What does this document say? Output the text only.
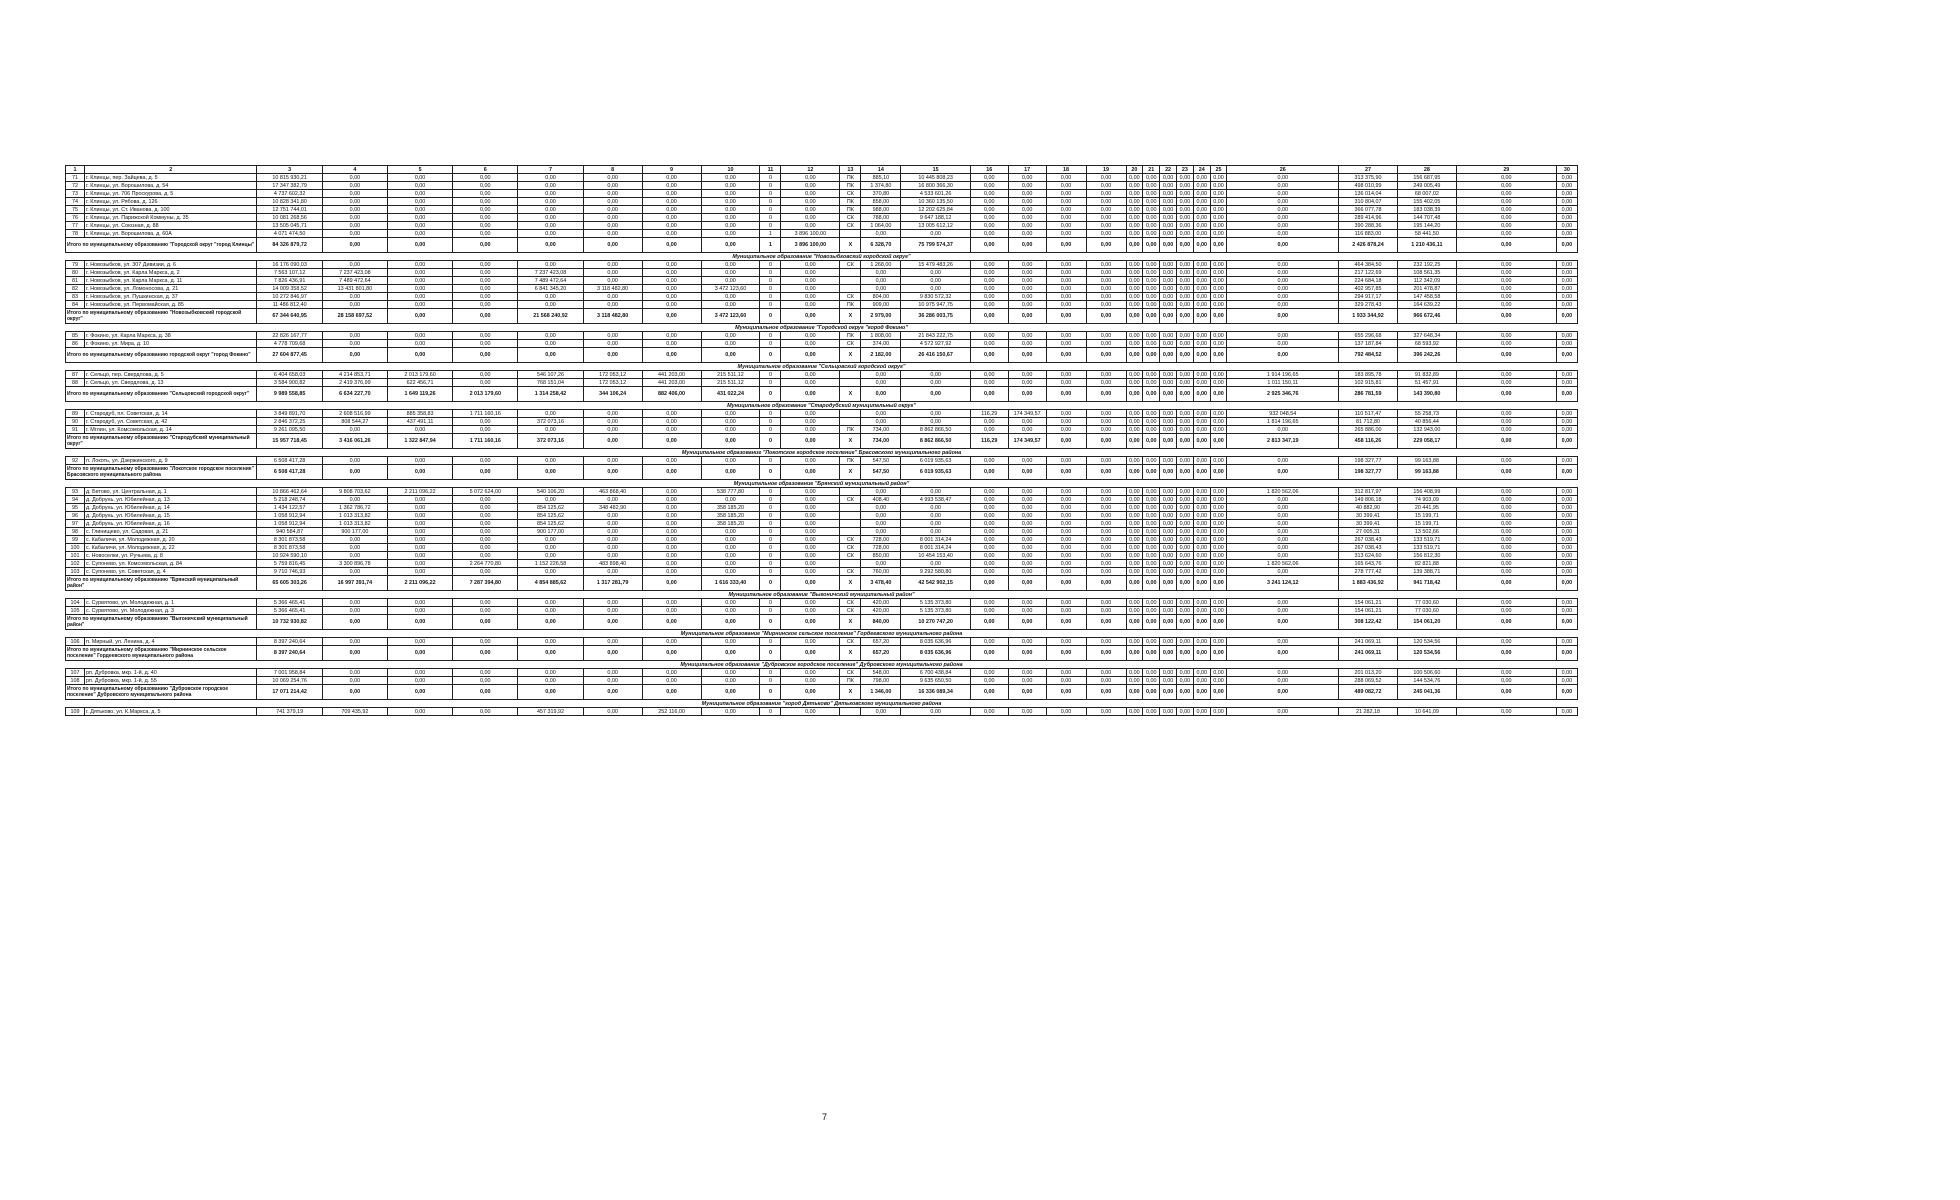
1	2	3	4	5	6	7	8	9	10	11	12	13	14	15	16	17	18	19	20	21	22	23	24	25	26	27	28	29	30
71	г. Клинцы, пер. Зайцева, д. 5	10 815 930,21	0,00	0,00	0,00	0,00	0,00	0,00	0,00	0	0,00	ПК	885,10	10 445 808,23	0,00	0,00	0,00	0,00	0,00	0,00	0,00	0,00	0,00	0,00	0,00	313 375,90	156 687,95	0,00	0,00
72	г. Клинцы, ул. Ворошилова, д. 54	17 347 382,79	0,00	0,00	0,00	0,00	0,00	0,00	0,00	0	0,00	ПК	1 374,80	16 800 366,30	0,00	0,00	0,00	0,00	0,00	0,00	0,00	0,00	0,00	0,00	0,00	498 010,99	249 005,49	0,00	0,00
73	г. Клинцы, ул. 706 Проскурова, д. 5	4 737 602,32	0,00	0,00	0,00	0,00	0,00	0,00	0,00	0	0,00	СК	370,80	4 533 601,26	0,00	0,00	0,00	0,00	0,00	0,00	0,00	0,00	0,00	0,00	0,00	136 014,04	68 007,02	0,00	0,00
74	г. Клинцы, ул. Рябова, д. 126	10 828 341,80	0,00	0,00	0,00	0,00	0,00	0,00	0,00	0	0,00	ПК	858,00	10 360 135,50	0,00	0,00	0,00	0,00	0,00	0,00	0,00	0,00	0,00	0,00	0,00	310 804,07	155 402,05	0,00	0,00
75	г. Клинцы, ул. Ст. Иванова, д. 100	12 751 744,01	0,00	0,00	0,00	0,00	0,00	0,00	0,00	0	0,00	ПК	988,00	12 202 625,84	0,00	0,00	0,00	0,00	0,00	0,00	0,00	0,00	0,00	0,00	0,00	366 077,78	183 038,39	0,00	0,00
76	г. Клинцы, ул. Парижской Коммуны, д. 35	10 081 268,56	0,00	0,00	0,00	0,00	0,00	0,00	0,00	0	0,00	СК	788,00	9 647 188,12	0,00	0,00	0,00	0,00	0,00	0,00	0,00	0,00	0,00	0,00	0,00	289 414,96	144 707,48	0,00	0,00
77	г. Клинцы, ул. Союзная, д. 88	13 505 045,71	0,00	0,00	0,00	0,00	0,00	0,00	0,00	0	0,00	СК	1 064,00	13 005 612,12	0,00	0,00	0,00	0,00	0,00	0,00	0,00	0,00	0,00	0,00	0,00	390 288,36	195 144,20	0,00	0,00
78	г. Клинцы, ул. Ворошилова, д. 60А	4 071 474,50	0,00	0,00	0,00	0,00	0,00	0,00	0,00	1	3 896 100,00		0,00	0,00	0,00	0,00	0,00	0,00	0,00	0,00	0,00	0,00	0,00	0,00	0,00	116 883,00	58 441,50	0,00	0,00
Итого по муниципальному образованию "Городской округ "город Клинцы"		84 326 879,72	0,00	0,00	0,00	0,00	0,00	0,00	0,00	1	3 896 100,00	X	6 328,70	75 799 574,37	0,00	0,00	0,00	0,00	0,00	0,00	0,00	0,00	0,00	0,00	0,00	2 426 878,24	1 210 436,11	0,00	0,00
Муниципальное образование "Новозыбковский городской округ"																													
79	г. Новозыбков, ул. 307 Дивизии, д. 6	16 176 090,03	0,00	0,00	0,00	0,00	0,00	0,00	0,00	0	0,00	СК	1 268,00	15 479 483,26	0,00	0,00	0,00	0,00	0,00	0,00	0,00	0,00	0,00	0,00	0,00	464 384,50	232 192,25	0,00	0,00
80	г. Новозыбков, ул. Карла Маркса, д. 2	7 563 107,12	7 237 423,08	0,00	0,00	7 237 423,08	0,00	0,00	0,00	0	0,00		0,00	0,00	0,00	0,00	0,00	0,00	0,00	0,00	0,00	0,00	0,00	0,00	0,00	217 122,69	108 561,35	0,00	0,00
81	г. Новозыбков, ул. Карла Маркса, д. 11	7 826 436,91	7 489 472,64	0,00	0,00	7 489 472,64	0,00	0,00	0,00	0	0,00		0,00	0,00	0,00	0,00	0,00	0,00	0,00	0,00	0,00	0,00	0,00	0,00	0,00	224 684,18	112 342,09	0,00	0,00
82	г. Новозыбков, ул. Ломоносова, д. 21	14 009 358,52	13 431 801,80	0,00	0,00	6 841 345,20	3 118 482,80	0,00	3 472 123,60	0	0,00		0,00	0,00	0,00	0,00	0,00	0,00	0,00	0,00	0,00	0,00	0,00	0,00	0,00	402 957,85	201 478,87	0,00	0,00
83	г. Новозыбков, ул. Пушкинская, д. 37	10 272 846,97	0,00	0,00	0,00	0,00	0,00	0,00	0,00	0	0,00	СК	804,00	9 830 572,32	0,00	0,00	0,00	0,00	0,00	0,00	0,00	0,00	0,00	0,00	0,00	294 917,17	147 458,58	0,00	0,00
84	г. Новозыбков, ул. Первомайская, д. 85	11 486 812,40	0,00	0,00	0,00	0,00	0,00	0,00	0,00	0	0,00	ПК	909,00	10 975 947,75	0,00	0,00	0,00	0,00	0,00	0,00	0,00	0,00	0,00	0,00	0,00	329 278,43	164 639,22	0,00	0,00
Итого по муниципальному образованию "Новозыбковский городской округ"		67 344 640,95	28 158 697,52	0,00	0,00	21 568 240,92	3 118 482,80	0,00	3 472 123,60	0	0,00	X	2 979,00	36 286 003,75	0,00	0,00	0,00	0,00	0,00	0,00	0,00	0,00	0,00	0,00	0,00	1 933 344,92	966 672,46	0,00	0,00
Муниципальное образование "Городской округ "город Фокино"																													
85	г. Фокино, ул. Карла Маркса, д. 38	22 826 167,77	0,00	0,00	0,00	0,00	0,00	0,00	0,00	0	0,00	ПК	1 808,00	21 843 222,75	0,00	0,00	0,00	0,00	0,00	0,00	0,00	0,00	0,00	0,00	0,00	655 296,68	327 648,34	0,00	0,00
86	г. Фокино, ул. Мира, д. 10	4 778 709,68	0,00	0,00	0,00	0,00	0,00	0,00	0,00	0	0,00	СК	374,00	4 572 927,92	0,00	0,00	0,00	0,00	0,00	0,00	0,00	0,00	0,00	0,00	0,00	137 187,84	68 593,92	0,00	0,00
Итого по муниципальному образованию городской округ "город Фокино"		27 604 877,45	0,00	0,00	0,00	0,00	0,00	0,00	0,00	0	0,00	X	2 182,00	26 416 150,67	0,00	0,00	0,00	0,00	0,00	0,00	0,00	0,00	0,00	0,00	0,00	792 484,52	396 242,26	0,00	0,00
Муниципальное образование "Сельцовский городской округ"																													
87	г. Сельцо, пер. Свердлова, д. 5	6 404 658,03	4 214 853,71	2 013 179,60	0,00	546 107,26	172 053,12	441 203,00	215 511,12	0	0,00		0,00	0,00	0,00	0,00	0,00	0,00	0,00	0,00	0,00	0,00	0,00	0,00	1 914 196,65	183 895,78	91 832,89	0,00	0,00
88	г. Сельцо, ул. Свердлова, д. 13	3 584 900,82	2 419 376,99	622 456,71	0,00	768 151,04	172 053,12	441 203,00	215 511,12	0	0,00		0,00	0,00	0,00	0,00	0,00	0,00	0,00	0,00	0,00	0,00	0,00	0,00	1 011 150,11	102 915,81	51 457,91	0,00	0,00
Итого по муниципальному образованию "Сельцовский городской округ"		9 989 558,85	6 634 227,70	1 649 119,26	2 013 179,60	1 314 258,42	344 106,24	882 406,00	431 022,24	0	0,00	X	0,00	0,00	0,00	0,00	0,00	0,00	0,00	0,00	0,00	0,00	0,00	0,00	2 925 346,76	286 781,59	143 390,80	0,00	0,00
Муниципальное образование "Стародубский муниципальный округ"																													
89	г. Стародуб, пл. Советская, д. 14	3 849 891,70	2 608 516,99	885 358,83	1 711 160,16	0,00	0,00	0,00	0,00	0	0,00		0,00	0,00	116,29	174 349,57	0,00	0,00	0,00	0,00	0,00	0,00	0,00	0,00	932 048,54	110 517,47	55 258,73	0,00	0,00
90	г. Стародуб, ул. Советская, д. 42	2 846 372,25	808 544,27	437 491,11	0,00	372 073,16	0,00	0,00	0,00	0	0,00		0,00	0,00	0,00	0,00	0,00	0,00	0,00	0,00	0,00	0,00	0,00	0,00	1 814 196,65	81 712,80	40 856,44	0,00	0,00
91	г. Мглин, ул. Комсомольская, д. 14	9 261 095,50	0,00	0,00	0,00	0,00	0,00	0,00	0,00	0	0,00	ПК	734,00	8 862 866,50	0,00	0,00	0,00	0,00	0,00	0,00	0,00	0,00	0,00	0,00	0,00	265 886,00	132 943,00	0,00	0,00
Итого по муниципальному образованию "Стародубский муниципальный округ"		15 957 718,45	3 416 061,26	1 322 847,94	1 711 160,16	372 073,16	0,00	0,00	0,00	0	0,00	X	734,00	8 862 866,50	116,29	174 349,57	0,00	0,00	0,00	0,00	0,00	0,00	0,00	0,00	2 813 347,19	458 116,26	229 058,17	0,00	0,00
Муниципальное образование "Локотское городское поселение" Брасовского муниципального района																													
92	п. Локоть, ул. Дзержинского, д. 9	6 508 417,28	0,00	0,00	0,00	0,00	0,00	0,00	0,00	0	0,00	ПК	547,50	6 019 935,63	0,00	0,00	0,00	0,00	0,00	0,00	0,00	0,00	0,00	0,00	0,00	198 327,77	99 163,88	0,00	0,00
Итого по муниципальному образованию "Локотское городское поселение" Брасовского муниципального района		6 508 417,28	0,00	0,00	0,00	0,00	0,00	0,00	0,00	0	0,00	X	547,50	6 019 935,63	0,00	0,00	0,00	0,00	0,00	0,00	0,00	0,00	0,00	0,00	0,00	198 327,77	99 163,88	0,00	0,00
Муниципальное образование "Брянский муниципальный район"																													
93	д. Бетово, ул. Центральная, д. 1	10 866 462,64	9 808 703,62	2 211 096,22	5 072 624,00	540 106,20	463 868,40	0,00	538 777,80	0	0,00		0,00	0,00	0,00	0,00	0,00	0,00	0,00	0,00	0,00	0,00	0,00	0,00	1 820 562,06	312 817,97	156 408,99	0,00	0,00
94	д. Добрунь, ул. Юбилейная, д. 13	5 218 248,74	0,00	0,00	0,00	0,00	0,00	0,00	0,00	0	0,00	СК	408,40	4 993 538,47	0,00	0,00	0,00	0,00	0,00	0,00	0,00	0,00	0,00	0,00	0,00	149 806,18	74 903,09	0,00	0,00
95	д. Добрунь, ул. Юбилейная, д. 14	1 434 122,57	1 362 786,72	0,00	0,00	854 125,62	348 482,90	0,00	358 185,20	0	0,00		0,00	0,00	0,00	0,00	0,00	0,00	0,00	0,00	0,00	0,00	0,00	0,00	0,00	40 882,90	20 441,95	0,00	0,00
96	д. Добрунь, ул. Юбилейная, д. 15	1 058 912,94	1 013 313,82	0,00	0,00	854 125,62	0,00	0,00	358 185,20	0	0,00		0,00	0,00	0,00	0,00	0,00	0,00	0,00	0,00	0,00	0,00	0,00	0,00	0,00	30 399,41	15 199,71	0,00	0,00
97	д. Добрунь, ул. Юбилейная, д. 16	1 058 912,94	1 013 313,82	0,00	0,00	854 125,62	0,00	0,00	358 185,20	0	0,00		0,00	0,00	0,00	0,00	0,00	0,00	0,00	0,00	0,00	0,00	0,00	0,00	0,00	30 399,41	15 199,71	0,00	0,00
98	с. Глинищево, ул. Садовая, д. 21	940 584,87	900 177,00	0,00	0,00	900 177,00	0,00	0,00	0,00	0	0,00		0,00	0,00	0,00	0,00	0,00	0,00	0,00	0,00	0,00	0,00	0,00	0,00	0,00	27 005,31	13 502,66	0,00	0,00
99	с. Кабаличи, ул. Молодежная, д. 20	8 301 873,58	0,00	0,00	0,00	0,00	0,00	0,00	0,00	0	0,00	СК	728,00	8 001 314,24	0,00	0,00	0,00	0,00	0,00	0,00	0,00	0,00	0,00	0,00	0,00	267 038,43	133 519,71	0,00	0,00
100	с. Кабаличи, ул. Молодежная, д. 22	8 301 873,58	0,00	0,00	0,00	0,00	0,00	0,00	0,00	0	0,00	СК	728,00	8 001 314,24	0,00	0,00	0,00	0,00	0,00	0,00	0,00	0,00	0,00	0,00	0,00	267 038,43	133 519,71	0,00	0,00
101	с. Новоселки, ул. Ручьева, д. 8	10 924 590,10	0,00	0,00	0,00	0,00	0,00	0,00	0,00	0	0,00	СК	850,00	10 454 153,40	0,00	0,00	0,00	0,00	0,00	0,00	0,00	0,00	0,00	0,00	0,00	313 624,60	156 812,30	0,00	0,00
102	с. Супонево, ул. Комсомольская, д. 84	5 759 816,45	3 300 896,78	0,00	2 264 770,80	1 152 226,58	483 898,40	0,00	0,00	0	0,00		0,00	0,00	0,00	0,00	0,00	0,00	0,00	0,00	0,00	0,00	0,00	0,00	1 820 562,06	165 643,76	82 821,88	0,00	0,00
103	с. Супонево, ул. Советская, д. 4	9 710 746,93	0,00	0,00	0,00	0,00	0,00	0,00	0,00	0	0,00	СК	760,00	9 292 580,80	0,00	0,00	0,00	0,00	0,00	0,00	0,00	0,00	0,00	0,00	0,00	278 777,42	139 388,71	0,00	0,00
Итого по муниципальному образованию "Брянский муниципальный район"		65 605 303,26	16 997 391,74	2 211 096,22	7 287 394,80	4 854 885,62	1 317 281,79	0,00	1 616 333,40	0	0,00	X	3 478,40	42 542 902,15	0,00	0,00	0,00	0,00	0,00	0,00	0,00	0,00	0,00	0,00	3 241 124,12	1 883 436,92	941 718,42	0,00	0,00
Муниципальное образование "Выгоничский муниципальный район"																													
104	с. Сурвятово, ул. Молодежная, д. 1	5 366 465,41	0,00	0,00	0,00	0,00	0,00	0,00	0,00	0	0,00	СК	420,00	5 135 373,80	0,00	0,00	0,00	0,00	0,00	0,00	0,00	0,00	0,00	0,00	0,00	154 061,21	77 030,60	0,00	0,00
105	с. Сурвятово, ул. Молодежная, д. 3	5 366 465,41	0,00	0,00	0,00	0,00	0,00	0,00	0,00	0	0,00	СК	420,00	5 135 373,80	0,00	0,00	0,00	0,00	0,00	0,00	0,00	0,00	0,00	0,00	0,00	154 061,21	77 030,60	0,00	0,00
Итого по муниципальному образованию "Выгоничский муниципальный район"		10 732 930,82	0,00	0,00	0,00	0,00	0,00	0,00	0,00	0	0,00	X	840,00	10 270 747,20	0,00	0,00	0,00	0,00	0,00	0,00	0,00	0,00	0,00	0,00	0,00	308 122,42	154 061,20	0,00	0,00
Муниципальное образование "Мирнинское сельское поселение" Гордеевского муниципального района																													
106	п. Мирный, ул. Ленина, д. 4	8 397 240,64	0,00	0,00	0,00	0,00	0,00	0,00	0,00	0	0,00	СК	657,20	8 035 636,96	0,00	0,00	0,00	0,00	0,00	0,00	0,00	0,00	0,00	0,00	0,00	241 069,11	120 534,56	0,00	0,00
Итого по муниципальному образованию "Мирнинское сельское поселение" Гордеевского муниципального района		8 397 240,64	0,00	0,00	0,00	0,00	0,00	0,00	0,00	0	0,00	X	657,20	8 035 636,96	0,00	0,00	0,00	0,00	0,00	0,00	0,00	0,00	0,00	0,00	0,00	241 069,11	120 534,56	0,00	0,00
Муниципальное образование "Дубровское городское поселение" Дубровского муниципального района																													
107	рп. Дубровка, мкр. 1-й, д. 40	7 001 958,84	0,00	0,00	0,00	0,00	0,00	0,00	0,00	0	0,00	СК	548,00	6 700 438,84	0,00	0,00	0,00	0,00	0,00	0,00	0,00	0,00	0,00	0,00	0,00	201 013,20	100 506,60	0,00	0,00
108	рп. Дубровка, мкр. 1-й, д. 55	10 069 254,76	0,00	0,00	0,00	0,00	0,00	0,00	0,00	0	0,00	ПК	798,00	9 635 650,50	0,00	0,00	0,00	0,00	0,00	0,00	0,00	0,00	0,00	0,00	0,00	288 069,52	144 534,76	0,00	0,00
Итого по муниципальному образованию "Дубровское городское поселение" Дубровского муниципального района		17 071 214,42	0,00	0,00	0,00	0,00	0,00	0,00	0,00	0	0,00	X	1 346,00	16 336 089,34	0,00	0,00	0,00	0,00	0,00	0,00	0,00	0,00	0,00	0,00	0,00	489 082,72	245 041,36	0,00	0,00
Муниципальное образование "город Дятьково" Дятьковского муниципального района																													
109	г. Дятьково, ул. К.Маркса, д. 5	741 379,19	709 435,92	0,00	0,00	457 319,92	0,00	252 116,00	0,00	0	0,00		0,00	0,00	0,00	0,00	0,00	0,00	0,00	0,00	0,00	0,00	0,00	0,00	0,00	21 282,18	10 641,09	0,00	0,00
7
